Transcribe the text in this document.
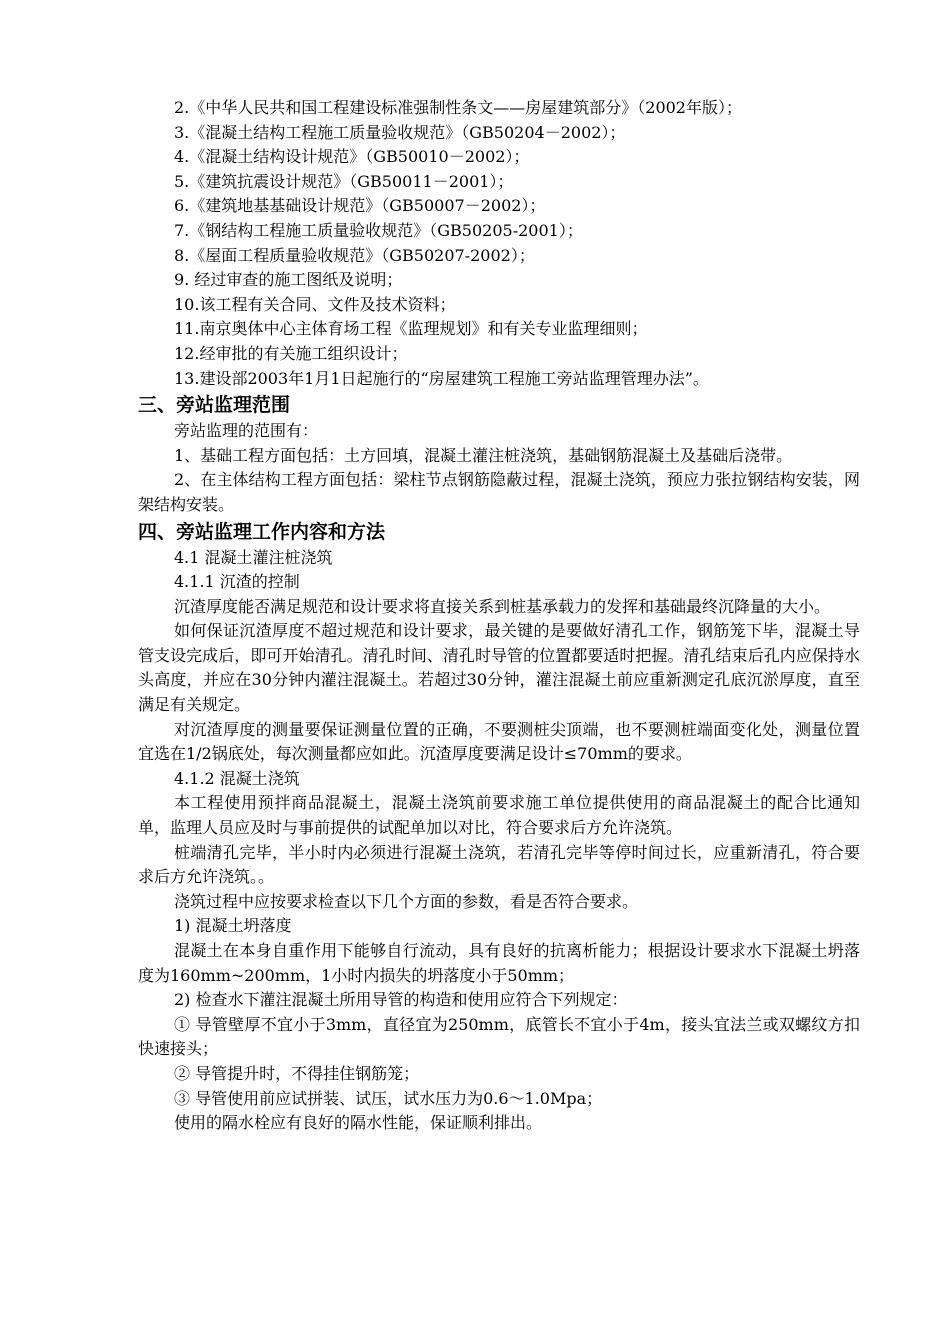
2.《中华人民共和国工程建设标准强制性条文——房屋建筑部分》（2002年版）；
3.《混凝土结构工程施工质量验收规范》（GB50204－2002）；
4.《混凝土结构设计规范》（GB50010－2002）；
5.《建筑抗震设计规范》（GB50011－2001）；
6.《建筑地基基础设计规范》（GB50007－2002）；
7.《钢结构工程施工质量验收规范》（GB50205-2001）；
8.《屋面工程质量验收规范》（GB50207-2002）；
9. 经过审查的施工图纸及说明；
10.该工程有关合同、文件及技术资料；
11.南京奥体中心主体育场工程《监理规划》和有关专业监理细则；
12.经审批的有关施工组织设计；
13.建设部2003年1月1日起施行的“房屋建筑工程施工旁站监理管理办法”。
三、旁站监理范围
旁站监理的范围有：
1、基础工程方面包括：土方回填，混凝土灌注桩浇筑，基础钢筋混凝土及基础后浇带。
2、在主体结构工程方面包括：梁柱节点钢筋隐蔽过程，混凝土浇筑，预应力张拉钢结构安装，网架结构安装。
四、旁站监理工作内容和方法
4.1 混凝土灌注桩浇筑
4.1.1 沉渣的控制
沉渣厚度能否满足规范和设计要求将直接关系到桩基承载力的发挥和基础最终沉降量的大小。
如何保证沉渣厚度不超过规范和设计要求，最关键的是要做好清孔工作，钢筋笼下毕，混凝土导管支设完成后，即可开始清孔。清孔时间、清孔时导管的位置都要适时把握。清孔结束后孔内应保持水头高度，并应在30分钟内灌注混凝土。若超过30分钟，灌注混凝土前应重新测定孔底沉淤厚度，直至满足有关规定。
对沉渣厚度的测量要保证测量位置的正确，不要测桩尖顶端，也不要测桩端面变化处，测量位置宜选在1/2锅底处，每次测量都应如此。沉渣厚度要满足设计≤70mm的要求。
4.1.2 混凝土浇筑
本工程使用预拌商品混凝土，混凝土浇筑前要求施工单位提供使用的商品混凝土的配合比通知单，监理人员应及时与事前提供的试配单加以对比，符合要求后方允许浇筑。
桩端清孔完毕，半小时内必须进行混凝土浇筑，若清孔完毕等停时间过长，应重新清孔，符合要求后方允许浇筑。。
浇筑过程中应按要求检查以下几个方面的参数，看是否符合要求。
1) 混凝土坍落度
混凝土在本身自重作用下能够自行流动，具有良好的抗离析能力；根据设计要求水下混凝土坍落度为160mm~200mm，1小时内损失的坍落度小于50mm；
2) 检查水下灌注混凝土所用导管的构造和使用应符合下列规定：
① 导管壁厚不宜小于3mm，直径宜为250mm，底管长不宜小于4m，接头宜法兰或双螺纹方扣快速接头；
② 导管提升时，不得挂住钢筋笼；
③ 导管使用前应试拼装、试压，试水压力为0.6～1.0Mpa；
使用的隔水栓应有良好的隔水性能，保证顺利排出。
